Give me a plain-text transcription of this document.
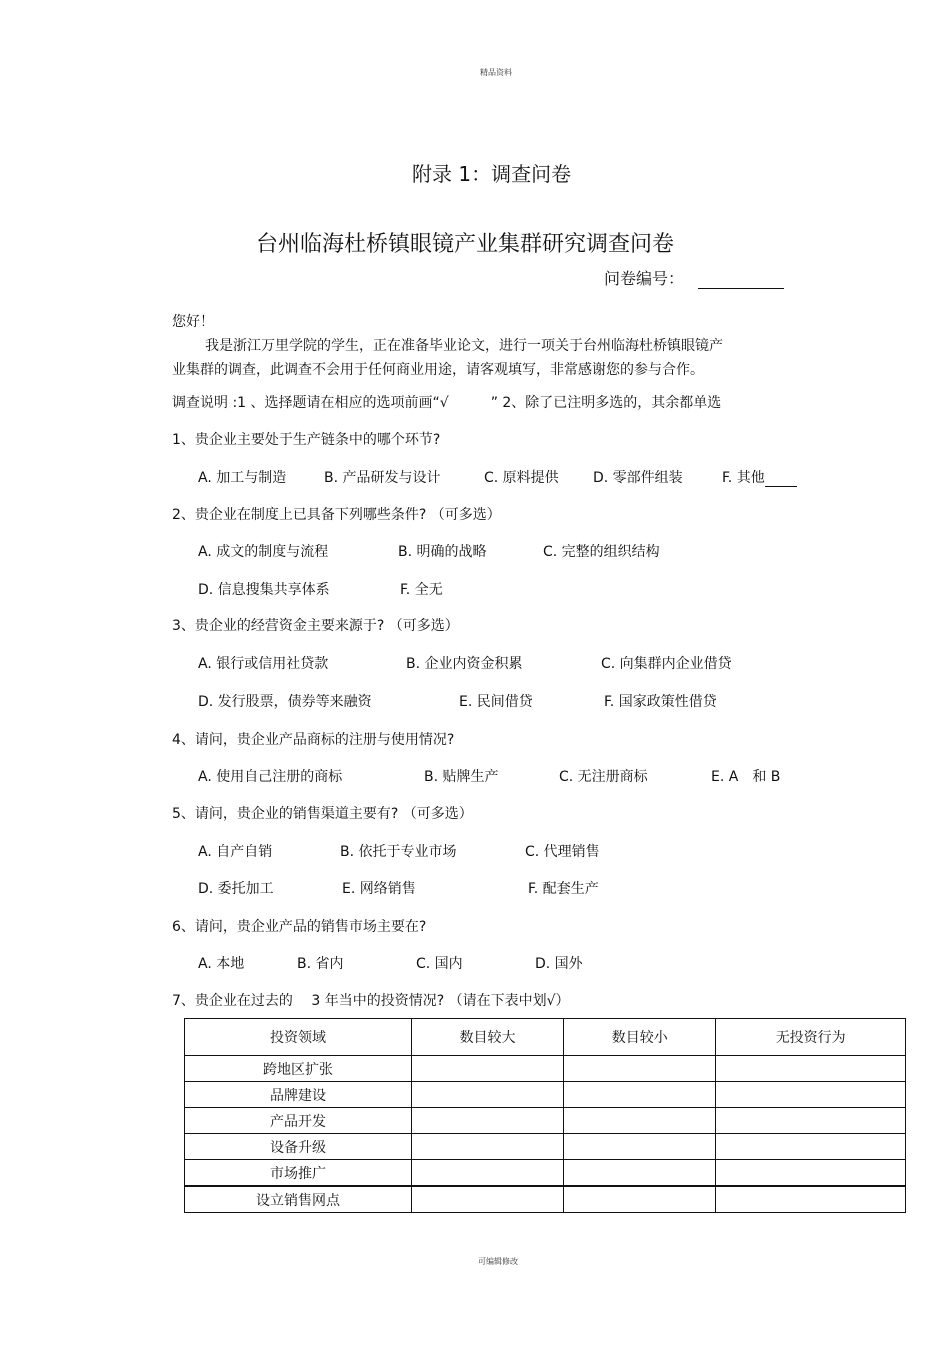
精品资料
可编辑修改
附录 1：调查问卷
台州临海杜桥镇眼镜产业集群研究调查问卷
问卷编号：
您好！
我是浙江万里学院的学生，正在准备毕业论文，进行一项关于台州临海杜桥镇眼镜产
业集群的调查，此调查不会用于任何商业用途，请客观填写，非常感谢您的参与合作。
调查说明 :1 、选择题请在相应的选项前画“√　　　” 2、除了已注明多选的，其余都单选
1、贵企业主要处于生产链条中的哪个环节?
A. 加工与制造	B. 产品研发与设计	C. 原料提供 D. 零部件组装	F. 其他
2、贵企业在制度上已具备下列哪些条件? （可多选）
A. 成文的制度与流程	B. 明确的战略	C. 完整的组织结构
D. 信息搜集共享体系	F. 全无
3、贵企业的经营资金主要来源于? （可多选）
A. 银行或信用社贷款	B. 企业内资金积累	C. 向集群内企业借贷
D. 发行股票，债券等来融资	E. 民间借贷	F. 国家政策性借贷
4、请问，贵企业产品商标的注册与使用情况?
A. 使用自己注册的商标	B. 贴牌生产	C. 无注册商标	E. A　和 B
5、请问，贵企业的销售渠道主要有? （可多选）
A. 自产自销	B. 依托于专业市场	C. 代理销售
D. 委托加工	E. 网络销售	F. 配套生产
6、请问，贵企业产品的销售市场主要在?
A. 本地	B. 省内	C. 国内	D. 国外
7、贵企业在过去的　 3 年当中的投资情况? （请在下表中划√）
投资领域	数目较大	数目较小	无投资行为
跨地区扩张			
品牌建设			
产品开发			
设备升级			
市场推广			
设立销售网点			
